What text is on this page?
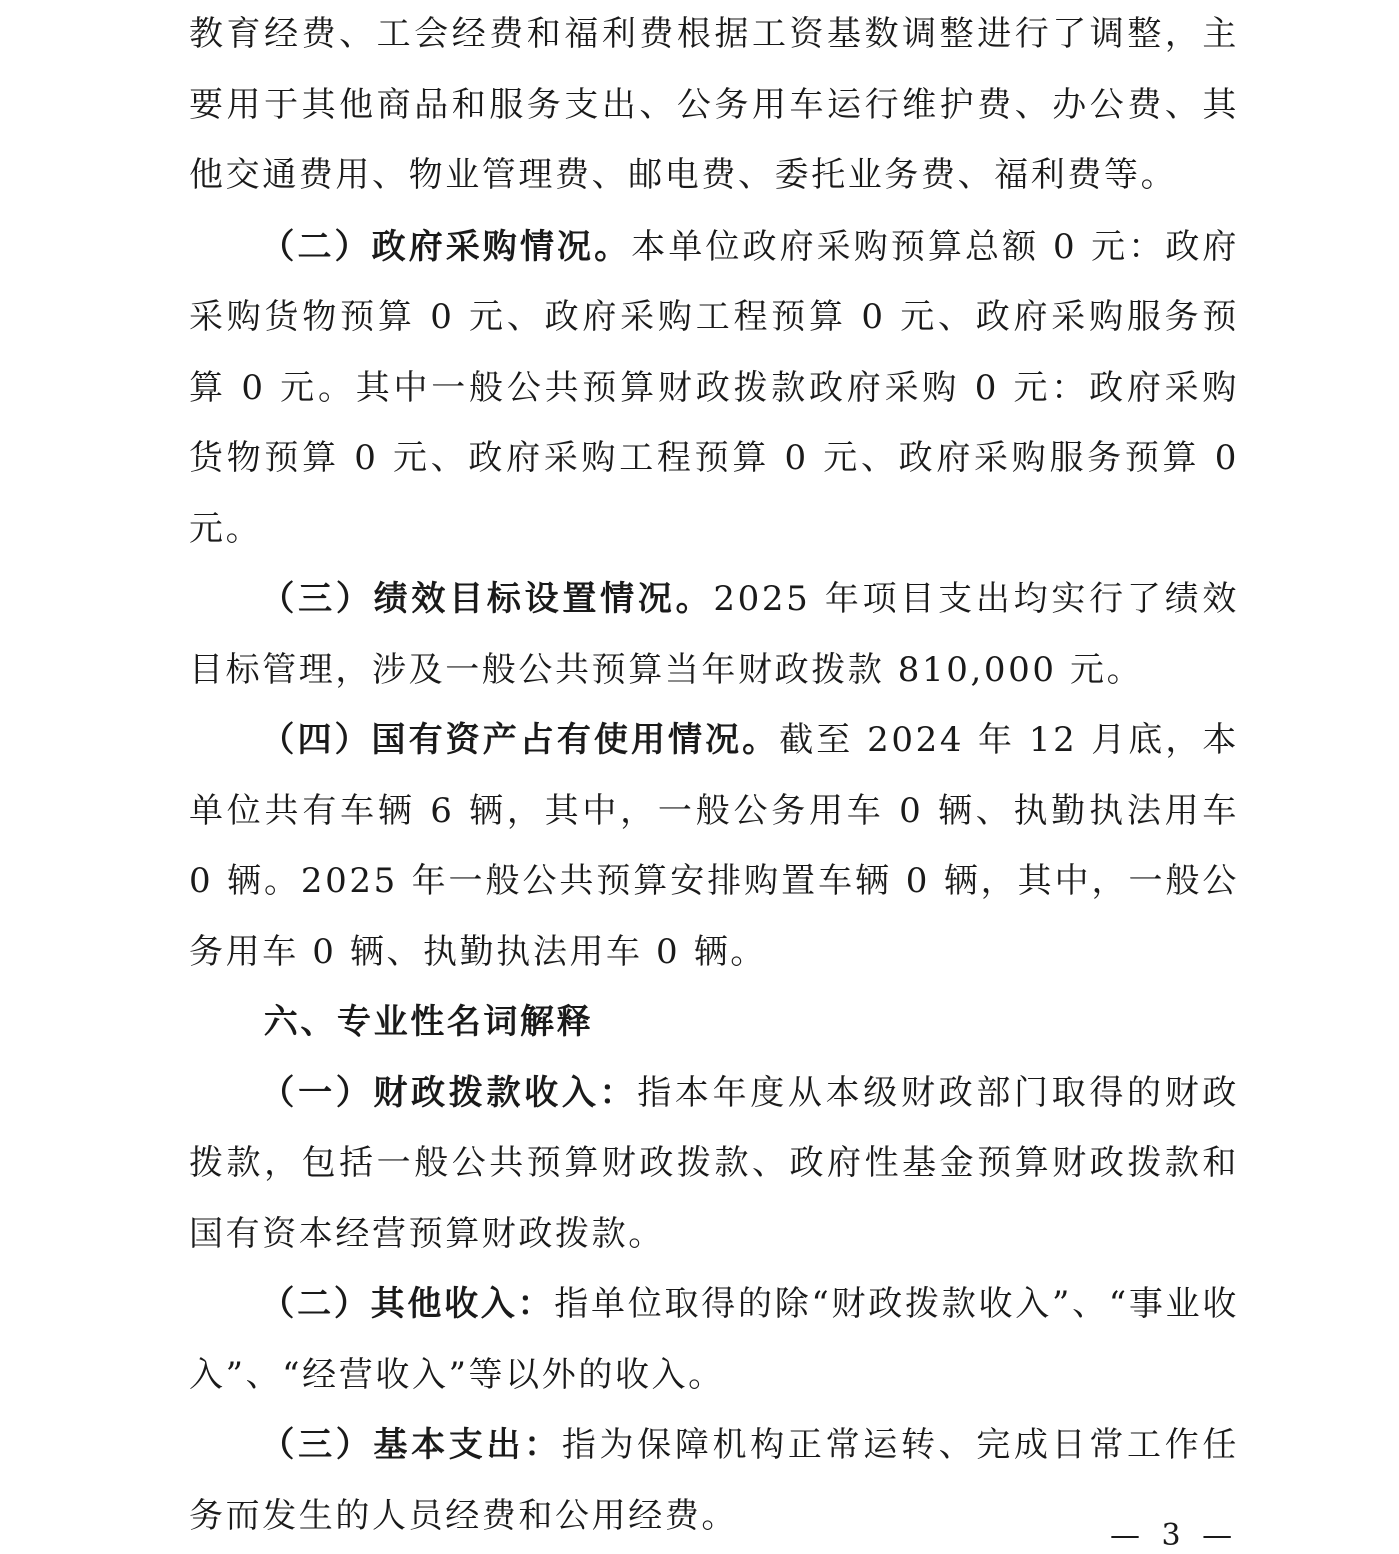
教育经费、工会经费和福利费根据工资基数调整进行了调整，主要用于其他商品和服务支出、公务用车运行维护费、办公费、其他交通费用、物业管理费、邮电费、委托业务费、福利费等。

（二）政府采购情况。本单位政府采购预算总额 0 元：政府采购货物预算 0 元、政府采购工程预算 0 元、政府采购服务预算 0 元。其中一般公共预算财政拨款政府采购 0 元：政府采购货物预算 0 元、政府采购工程预算 0 元、政府采购服务预算 0 元。

（三）绩效目标设置情况。2025 年项目支出均实行了绩效目标管理，涉及一般公共预算当年财政拨款 810,000 元。

（四）国有资产占有使用情况。截至 2024 年 12 月底，本单位共有车辆 6 辆，其中，一般公务用车 0 辆、执勤执法用车 0 辆。2025 年一般公共预算安排购置车辆 0 辆，其中，一般公务用车 0 辆、执勤执法用车 0 辆。

六、专业性名词解释

（一）财政拨款收入：指本年度从本级财政部门取得的财政拨款，包括一般公共预算财政拨款、政府性基金预算财政拨款和国有资本经营预算财政拨款。

（二）其他收入：指单位取得的除“财政拨款收入”、“事业收入”、“经营收入”等以外的收入。

（三）基本支出：指为保障机构正常运转、完成日常工作任务而发生的人员经费和公用经费。	— 3 —
